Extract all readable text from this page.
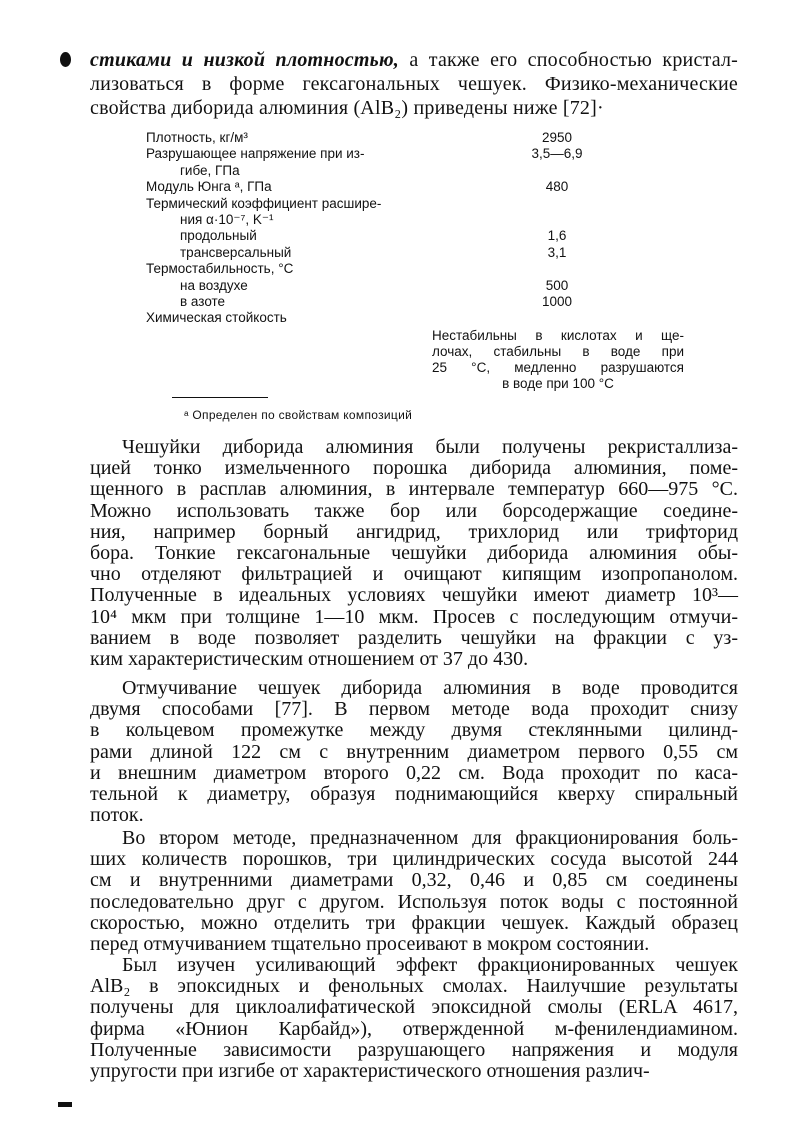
стиками и низкой плотностью, а также его способностью кристал-
лизоваться в форме гексагональных чешуек. Физико-механические
свойства диборида алюминия (AlB₂) приведены ниже [72]·
Плотность, кг/м³	2950
Разрушающее напряжение при из-	3,5—6,9
гибе, ГПа
Модуль Юнга ᵃ, ГПа	480
Термический коэффициент расшире-
ния α·10⁻⁷, K⁻¹
продольный	1,6
трансверсальный	3,1
Термостабильность, °C
на воздухе	500
в азоте	1000
Химическая стойкость
Нестабильны в кислотах и ще-
лочах, стабильны в воде при
25 °С, медленно разрушаются
в воде при 100 °С
ᵃ Определен по свойствам композиций
Чешуйки диборида алюминия были получены рекристаллиза-
цией тонко измельченного порошка диборида алюминия, поме-
щенного в расплав алюминия, в интервале температур 660—975 °С.
Можно использовать также бор или борсодержащие соедине-
ния, например борный ангидрид, трихлорид или трифторид
бора. Тонкие гексагональные чешуйки диборида алюминия обы-
чно отделяют фильтрацией и очищают кипящим изопропанолом.
Полученные в идеальных условиях чешуйки имеют диаметр 10³—
10⁴ мкм при толщине 1—10 мкм. Просев с последующим отмучи-
ванием в воде позволяет разделить чешуйки на фракции с уз-
ким характеристическим отношением от 37 до 430.
Отмучивание чешуек диборида алюминия в воде проводится
двумя способами [77]. В первом методе вода проходит снизу
в кольцевом промежутке между двумя стеклянными цилинд-
рами длиной 122 см с внутренним диаметром первого 0,55 см
и внешним диаметром второго 0,22 см. Вода проходит по каса-
тельной к диаметру, образуя поднимающийся кверху спиральный
поток.
Во втором методе, предназначенном для фракционирования боль-
ших количеств порошков, три цилиндрических сосуда высотой 244
см и внутренними диаметрами 0,32, 0,46 и 0,85 см соединены
последовательно друг с другом. Используя поток воды с постоянной
скоростью, можно отделить три фракции чешуек. Каждый образец
перед отмучиванием тщательно просеивают в мокром состоянии.
Был изучен усиливающий эффект фракционированных чешуек
AlB₂ в эпоксидных и фенольных смолах. Наилучшие результаты
получены для циклоалифатической эпоксидной смолы (ERLA 4617,
фирма «Юнион Карбайд»), отвержденной м-фенилендиамином.
Полученные зависимости разрушающего напряжения и модуля
упругости при изгибе от характеристического отношения различ-
